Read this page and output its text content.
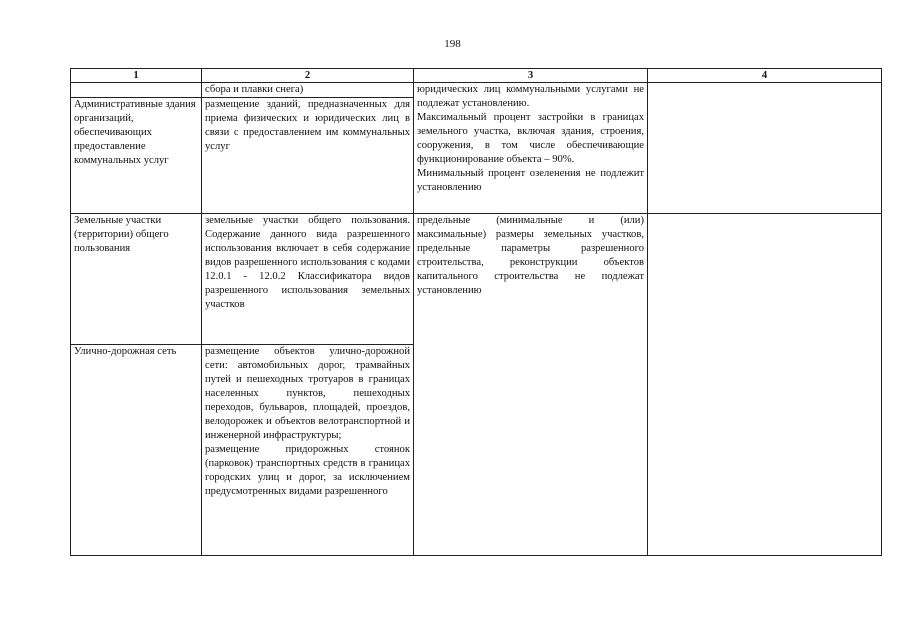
198
1	2	3	4
	сбора и плавки снега)	юридических лиц коммунальными услугами не подлежат установлению.
Максимальный процент застройки в границах земельного участка, включая здания, строения, сооружения, в том числе обеспечивающие функционирование объекта – 90%.
Минимальный процент озеленения не подлежит установлению	

Административные здания организаций, обеспечивающих предоставление коммунальных услуг	размещение зданий, предназначенных для приема физических и юридических лиц в связи с предоставлением им коммунальных услуг		
Земельные участки (территории) общего пользования	земельные участки общего пользования. Содержание данного вида разрешенного использования включает в себя содержание видов разрешенного использования с кодами 12.0.1 - 12.0.2 Классификатора видов разрешенного использования земельных участков	предельные (минимальные и (или) максимальные) размеры земельных участков, предельные параметры разрешенного строительства, реконструкции объектов капитального строительства не подлежат установлению	
Улично-дорожная сеть	размещение объектов улично-дорожной сети: автомобильных дорог, трамвайных путей и пешеходных тротуаров в границах населенных пунктов, пешеходных переходов, бульваров, площадей, проездов, велодорожек и объектов велотранспортной и инженерной инфраструктуры;
размещение придорожных стоянок (парковок) транспортных средств в границах городских улиц и дорог, за исключением предусмотренных видами разрешенного		
